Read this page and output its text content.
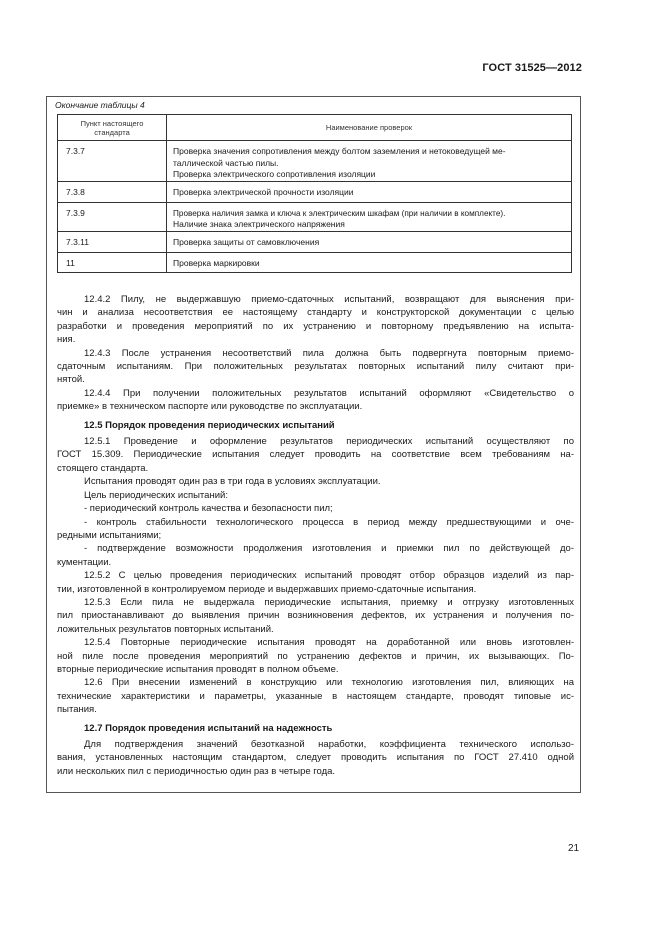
ГОСТ 31525—2012
Окончание таблицы 4
Пункт настоящего
стандарта	Наименование проверок
7.3.7	Проверка значения сопротивления между болтом заземления и нетоковедущей ме-
таллической частью пилы.
Проверка электрического сопротивления изоляции

7.3.8	Проверка электрической прочности изоляции

7.3.9	Проверка наличия замка и ключа к электрическим шкафам (при наличии в комплекте).
Наличие знака электрического напряжения

7.3.11	Проверка защиты от самовключения

11	Проверка маркировки

12.4.2 Пилу, не выдержавшую приемо-сдаточных испытаний, возвращают для выяснения при-
чин и анализа несоответствия ее настоящему стандарту и конструкторской документации с целью
разработки и проведения мероприятий по их устранению и повторному предъявлению на испыта-
ния.

12.4.3 После устранения несоответствий пила должна быть подвергнута повторным приемо-
сдаточным испытаниям. При положительных результатах повторных испытаний пилу считают при-
нятой.

12.4.4 При получении положительных результатов испытаний оформляют «Свидетельство о
приемке» в техническом паспорте или руководстве по эксплуатации.

12.5 Порядок проведения периодических испытаний

12.5.1 Проведение и оформление результатов периодических испытаний осуществляют по
ГОСТ 15.309. Периодические испытания следует проводить на соответствие всем требованиям на-
стоящего стандарта.

Испытания проводят один раз в три года в условиях эксплуатации.

Цель периодических испытаний:

- периодический контроль качества и безопасности пил;

- контроль стабильности технологического процесса в период между предшествующими и оче-
редными испытаниями;

- подтверждение возможности продолжения изготовления и приемки пил по действующей до-
кументации.

12.5.2 С целью проведения периодических испытаний проводят отбор образцов изделий из пар-
тии, изготовленной в контролируемом периоде и выдержавших приемо-сдаточные испытания.

12.5.3 Если пила не выдержала периодические испытания, приемку и отгрузку изготовленных
пил приостанавливают до выявления причин возникновения дефектов, их устранения и получения по-
ложительных результатов повторных испытаний.

12.5.4 Повторные периодические испытания проводят на доработанной или вновь изготовлен-
ной пиле после проведения мероприятий по устранению дефектов и причин, их вызывающих. По-
вторные периодические испытания проводят в полном объеме.

12.6 При внесении изменений в конструкцию или технологию изготовления пил, влияющих на
технические характеристики и параметры, указанные в настоящем стандарте, проводят типовые ис-
пытания.

12.7 Порядок проведения испытаний на надежность

Для подтверждения значений безотказной наработки, коэффициента технического использо-
вания, установленных настоящим стандартом, следует проводить испытания по ГОСТ 27.410 одной
или нескольких пил с периодичностью один раз в четыре года.

21
